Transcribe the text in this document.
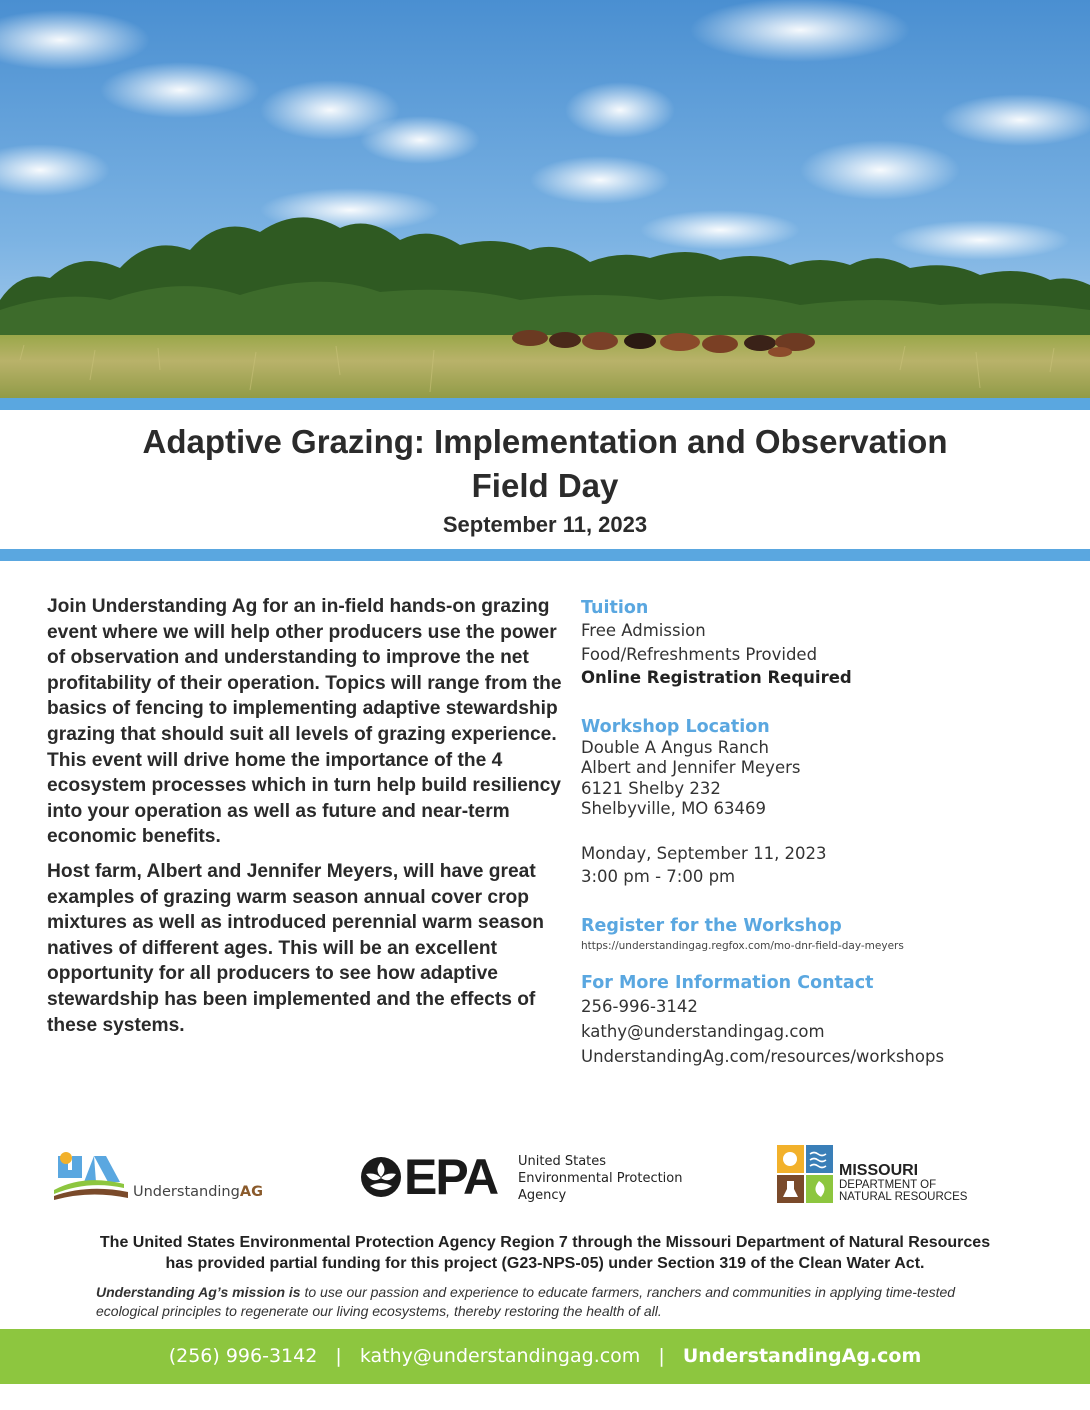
Adaptive Grazing: Implementation and Observation
Field Day
September 11, 2023

Join Understanding Ag for an in-field hands-on grazing event where we will help other producers use the power of observation and understanding to improve the net profitability of their operation. Topics will range from the basics of fencing to implementing adaptive stewardship grazing that should suit all levels of grazing experience. This event will drive home the importance of the 4 ecosystem processes which in turn help build resiliency into your operation as well as future and near-term economic benefits.

Host farm, Albert and Jennifer Meyers, will have great examples of grazing warm season annual cover crop mixtures as well as introduced perennial warm season natives of different ages. This will be an excellent opportunity for all producers to see how adaptive stewardship has been implemented and the effects of these systems.

Tuition
Free Admission
Food/Refreshments Provided
Online Registration Required
Workshop Location
Double A Angus Ranch
Albert and Jennifer Meyers
6121 Shelby 232
Shelbyville, MO 63469
Monday, September 11, 2023
3:00 pm - 7:00 pm
Register for the Workshop
https://understandingag.regfox.com/mo-dnr-field-day-meyers
For More Information Contact
256-996-3142
kathy@understandingag.com
UnderstandingAg.com/resources/workshops
UnderstandingAG	EPA United States
Environmental Protection
Agency
MISSOURI
DEPARTMENT OF
NATURAL RESOURCES
The United States Environmental Protection Agency Region 7 through the Missouri Department of Natural Resources
has provided partial funding for this project (G23-NPS-05) under Section 319 of the Clean Water Act.
Understanding Ag’s mission is to use our passion and experience to educate farmers, ranchers and communities in applying time-tested ecological principles to regenerate our living ecosystems, thereby restoring the health of all.
(256) 996-3142 | kathy@understandingag.com | UnderstandingAg.com
